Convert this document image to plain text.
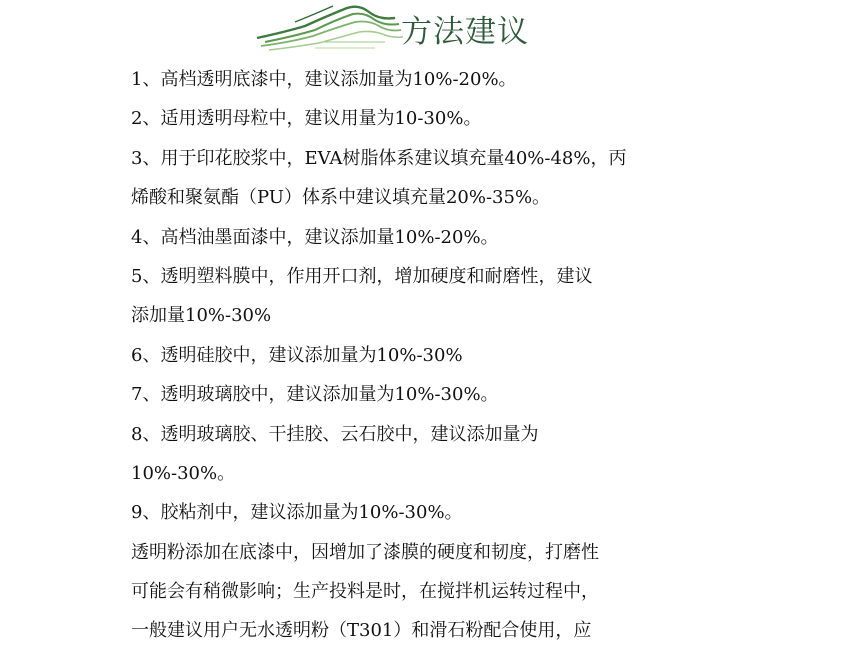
方法建议
1、高档透明底漆中，建议添加量为10%-20%。
2、适用透明母粒中，建议用量为10-30%。
3、用于印花胶浆中，EVA树脂体系建议填充量40%-48%，丙
烯酸和聚氨酯（PU）体系中建议填充量20%-35%。
4、高档油墨面漆中，建议添加量10%-20%。
5、透明塑料膜中，作用开口剂，增加硬度和耐磨性，建议
添加量10%-30%
6、透明硅胶中，建议添加量为10%-30%
7、透明玻璃胶中，建议添加量为10%-30%。
8、透明玻璃胶、干挂胶、云石胶中，建议添加量为
10%-30%。
9、胶粘剂中，建议添加量为10%-30%。
透明粉添加在底漆中，因增加了漆膜的硬度和韧度，打磨性
可能会有稍微影响；生产投料是时，在搅拌机运转过程中，
一般建议用户无水透明粉（T301）和滑石粉配合使用，应
